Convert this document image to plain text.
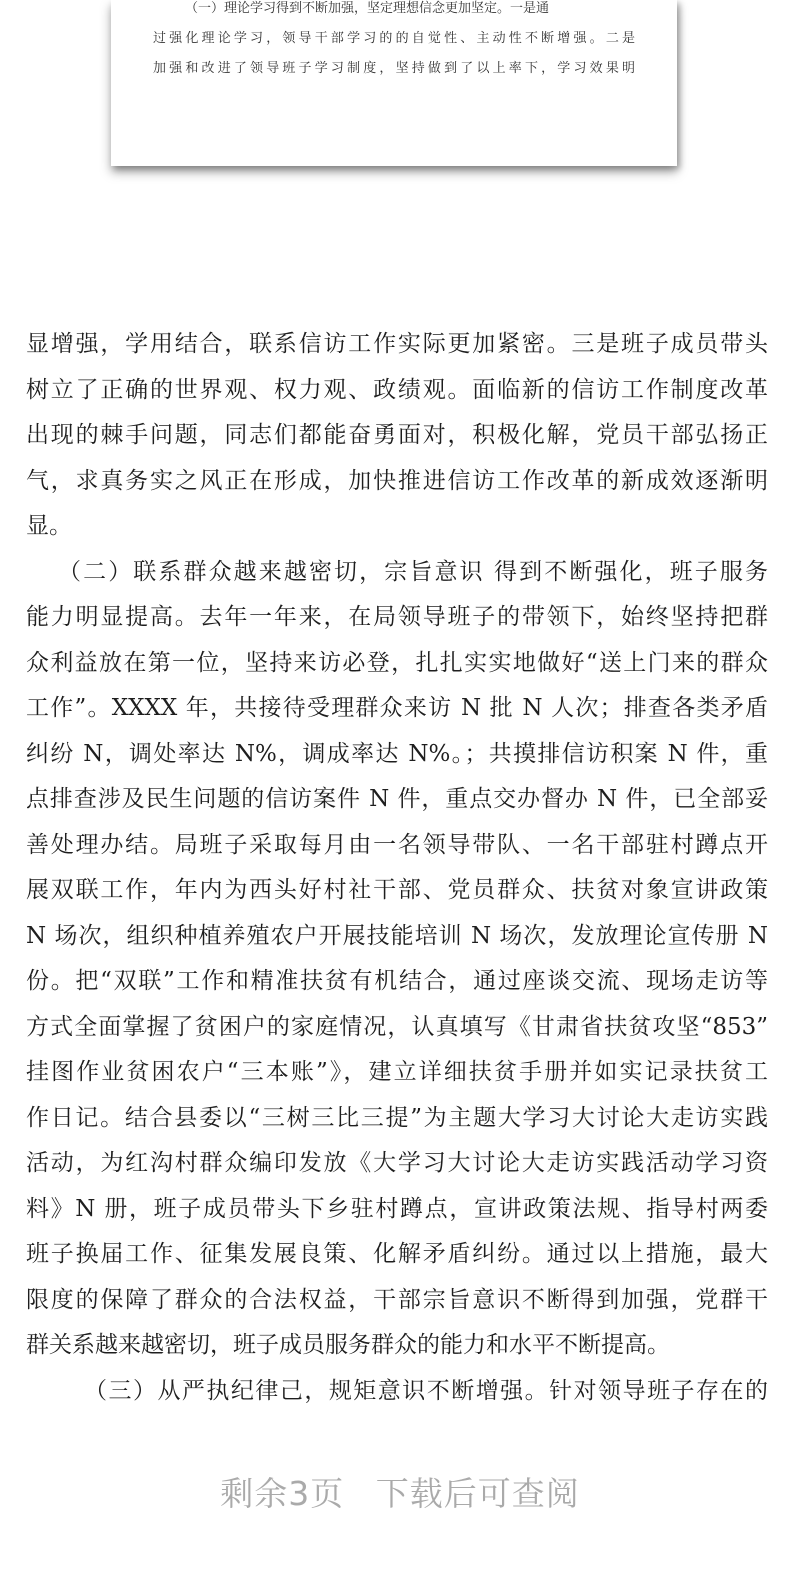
（一）理论学习得到不断加强，坚定理想信念更加坚定。一是通
过强化理论学习，领导干部学习的的自觉性、主动性不断增强。二是
加强和改进了领导班子学习制度，坚持做到了以上率下，学习效果明
显增强，学用结合，联系信访工作实际更加紧密。三是班子成员带头
树立了正确的世界观、权力观、政绩观。面临新的信访工作制度改革
出现的棘手问题，同志们都能奋勇面对，积极化解，党员干部弘扬正
气，求真务实之风正在形成，加快推进信访工作改革的新成效逐渐明
显。
（二）联系群众越来越密切，宗旨意识 得到不断强化，班子服务
能力明显提高。去年一年来，在局领导班子的带领下，始终坚持把群
众利益放在第一位，坚持来访必登，扎扎实实地做好“送上门来的群众
工作”。XXXX 年，共接待受理群众来访 N 批 N 人次；排查各类矛盾
纠纷 N，调处率达 N%，调成率达 N%。；共摸排信访积案 N 件，重
点排查涉及民生问题的信访案件 N 件，重点交办督办 N 件，已全部妥
善处理办结。局班子采取每月由一名领导带队、一名干部驻村蹲点开
展双联工作，年内为西头好村社干部、党员群众、扶贫对象宣讲政策
N 场次，组织种植养殖农户开展技能培训 N 场次，发放理论宣传册 N
份。把“双联”工作和精准扶贫有机结合，通过座谈交流、现场走访等
方式全面掌握了贫困户的家庭情况，认真填写《甘肃省扶贫攻坚“853”
挂图作业贫困农户“三本账”》，建立详细扶贫手册并如实记录扶贫工
作日记。结合县委以“三树三比三提”为主题大学习大讨论大走访实践
活动，为红沟村群众编印发放《大学习大讨论大走访实践活动学习资
料》N 册，班子成员带头下乡驻村蹲点，宣讲政策法规、指导村两委
班子换届工作、征集发展良策、化解矛盾纠纷。通过以上措施，最大
限度的保障了群众的合法权益，干部宗旨意识不断得到加强，党群干
群关系越来越密切，班子成员服务群众的能力和水平不断提高。
（三）从严执纪律己，规矩意识不断增强。针对领导班子存在的
剩余3页 下载后可查阅
